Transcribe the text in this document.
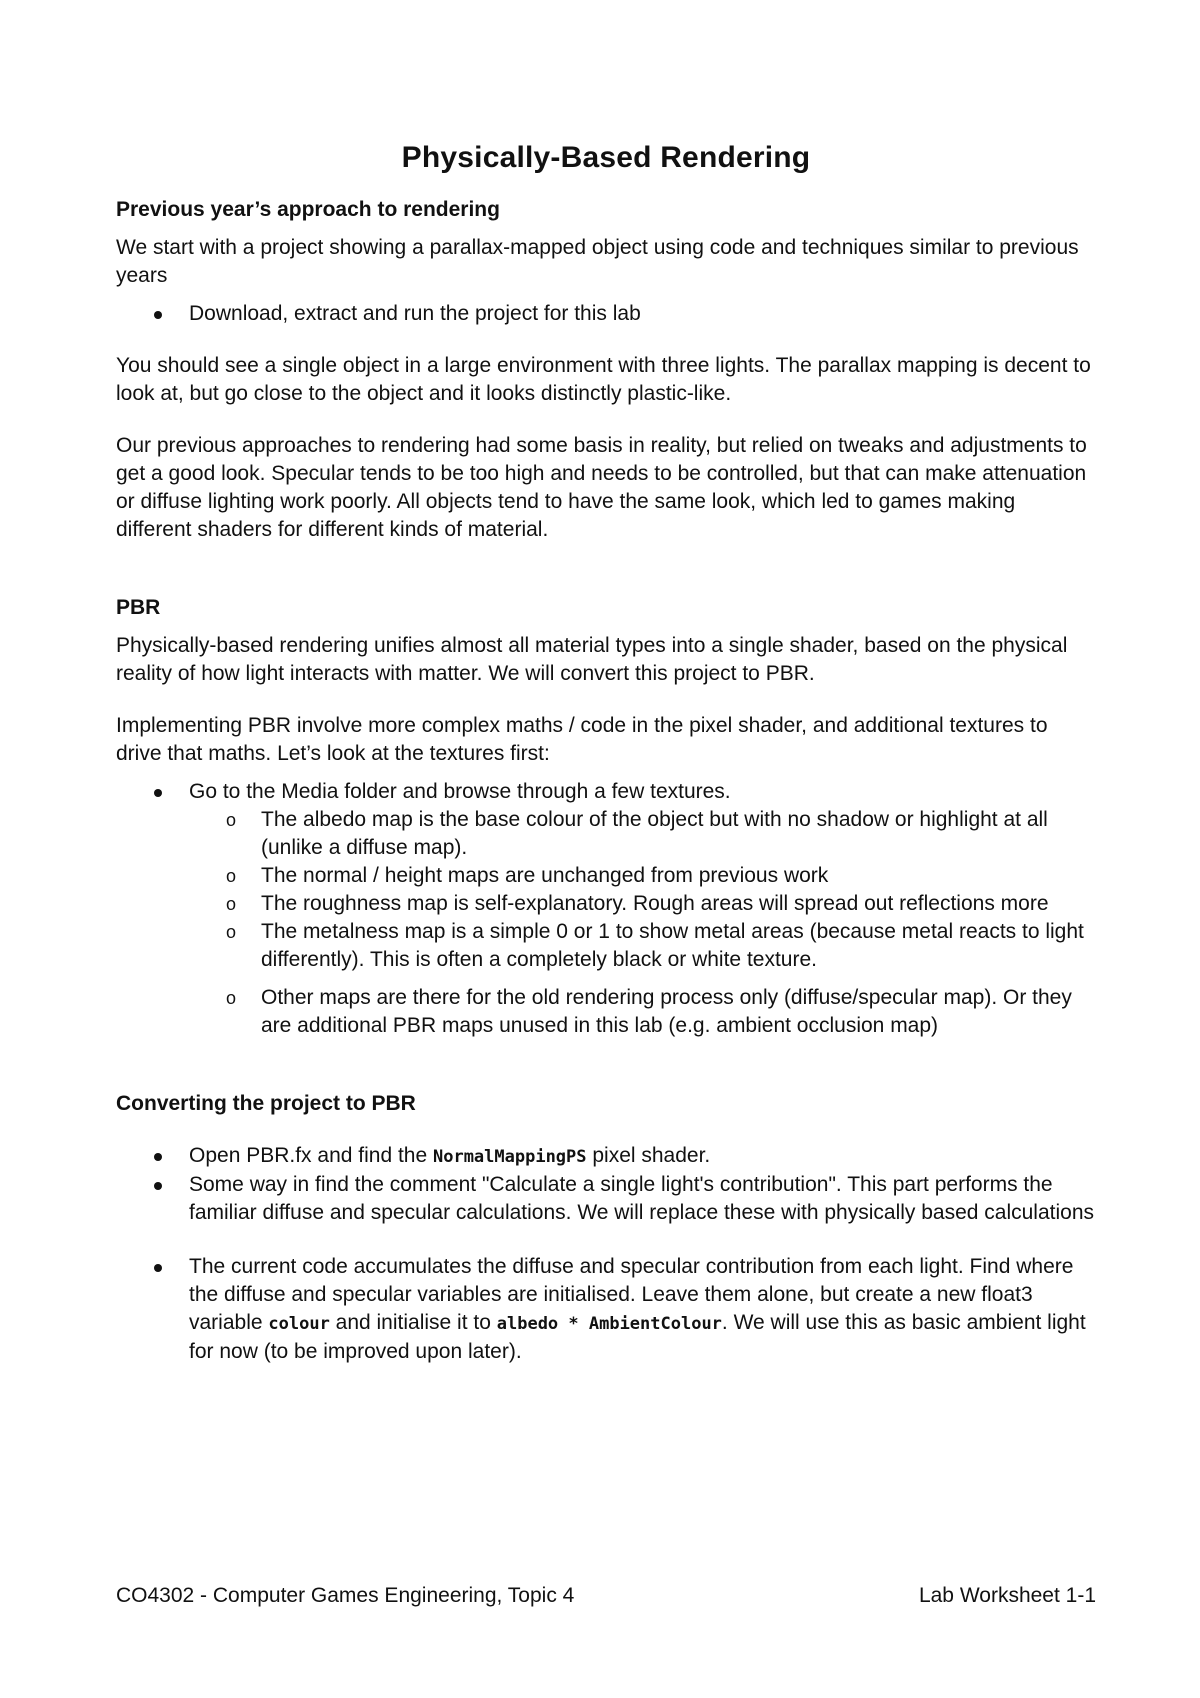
Physically-Based Rendering
Previous year’s approach to rendering

We start with a project showing a parallax-mapped object using code and techniques similar to previous years

Download, extract and run the project for this lab

You should see a single object in a large environment with three lights. The parallax mapping is decent to look at, but go close to the object and it looks distinctly plastic-like.

Our previous approaches to rendering had some basis in reality, but relied on tweaks and adjustments to get a good look. Specular tends to be too high and needs to be controlled, but that can make attenuation or diffuse lighting work poorly. All objects tend to have the same look, which led to games making different shaders for different kinds of material.

PBR

Physically-based rendering unifies almost all material types into a single shader, based on the physical reality of how light interacts with matter. We will convert this project to PBR.

Implementing PBR involve more complex maths / code in the pixel shader, and additional textures to drive that maths. Let’s look at the textures first:

Go to the Media folder and browse through a few textures.
o The albedo map is the base colour of the object but with no shadow or highlight at all (unlike a diffuse map).
o The normal / height maps are unchanged from previous work
o The roughness map is self-explanatory. Rough areas will spread out reflections more
o The metalness map is a simple 0 or 1 to show metal areas (because metal reacts to light differently). This is often a completely black or white texture.
o Other maps are there for the old rendering process only (diffuse/specular map). Or they are additional PBR maps unused in this lab (e.g. ambient occlusion map)
Converting the project to PBR
Open PBR.fx and find the NormalMappingPS pixel shader.
Some way in find the comment "Calculate a single light's contribution". This part performs the familiar diffuse and specular calculations. We will replace these with physically based calculations
The current code accumulates the diffuse and specular contribution from each light. Find where the diffuse and specular variables are initialised. Leave them alone, but create a new float3 variable colour and initialise it to albedo * AmbientColour. We will use this as basic ambient light for now (to be improved upon later).
CO4302 - Computer Games Engineering, Topic 4	Lab Worksheet 1-1
